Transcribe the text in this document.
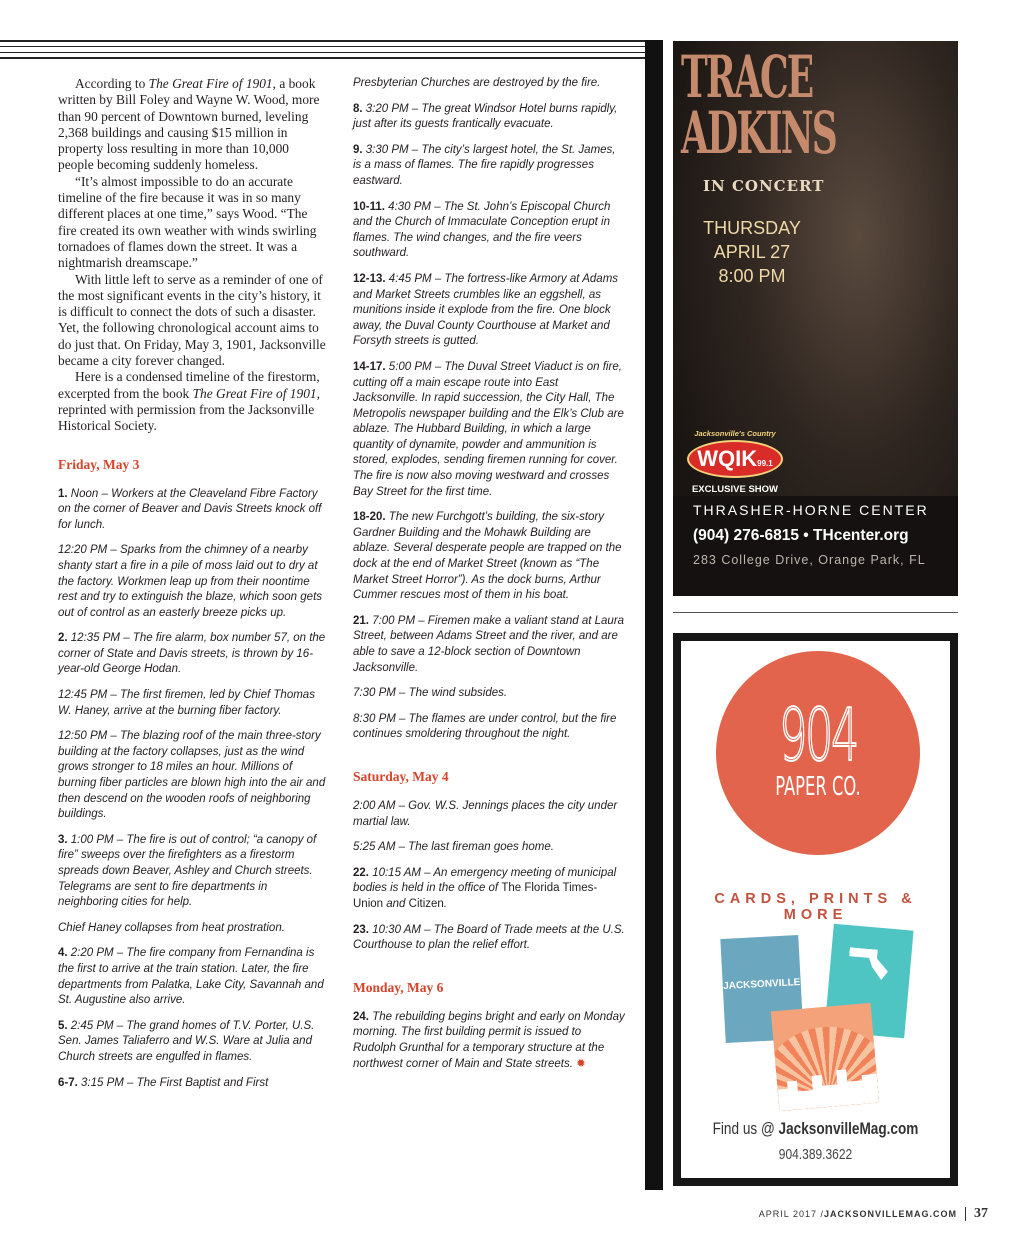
According to The Great Fire of 1901, a book written by Bill Foley and Wayne W. Wood, more than 90 percent of Downtown burned, leveling 2,368 buildings and causing $15 million in property loss resulting in more than 10,000 people becoming suddenly homeless.

“It’s almost impossible to do an accurate timeline of the fire because it was in so many different places at one time,” says Wood. “The fire created its own weather with winds swirling tornadoes of flames down the street. It was a nightmarish dreamscape.”

With little left to serve as a reminder of one of the most significant events in the city’s history, it is difficult to connect the dots of such a disaster. Yet, the following chronological account aims to do just that. On Friday, May 3, 1901, Jacksonville became a city forever changed.

Here is a condensed timeline of the firestorm, excerpted from the book The Great Fire of 1901, reprinted with permission from the Jacksonville Historical Society.

Friday, May 3

1. Noon – Workers at the Cleaveland Fibre Factory on the corner of Beaver and Davis Streets knock off for lunch.

12:20 PM – Sparks from the chimney of a nearby shanty start a fire in a pile of moss laid out to dry at the factory. Workmen leap up from their noontime rest and try to extinguish the blaze, which soon gets out of control as an easterly breeze picks up.

2. 12:35 PM – The fire alarm, box number 57, on the corner of State and Davis streets, is thrown by 16-year-old George Hodan.

12:45 PM – The first firemen, led by Chief Thomas W. Haney, arrive at the burning fiber factory.

12:50 PM – The blazing roof of the main three-story building at the factory collapses, just as the wind grows stronger to 18 miles an hour. Millions of burning fiber particles are blown high into the air and then descend on the wooden roofs of neighboring buildings.

3. 1:00 PM – The fire is out of control; “a canopy of fire” sweeps over the firefighters as a firestorm spreads down Beaver, Ashley and Church streets. Telegrams are sent to fire departments in neighboring cities for help.

Chief Haney collapses from heat prostration.

4. 2:20 PM – The fire company from Fernandina is the first to arrive at the train station. Later, the fire departments from Palatka, Lake City, Savannah and St. Augustine also arrive.

5. 2:45 PM – The grand homes of T.V. Porter, U.S. Sen. James Taliaferro and W.S. Ware at Julia and Church streets are engulfed in flames.

6-7. 3:15 PM – The First Baptist and First

Presbyterian Churches are destroyed by the fire.

8. 3:20 PM – The great Windsor Hotel burns rapidly, just after its guests frantically evacuate.

9. 3:30 PM – The city’s largest hotel, the St. James, is a mass of flames. The fire rapidly progresses eastward.

10-11. 4:30 PM – The St. John’s Episcopal Church and the Church of Immaculate Conception erupt in flames. The wind changes, and the fire veers southward.

12-13. 4:45 PM – The fortress-like Armory at Adams and Market Streets crumbles like an eggshell, as munitions inside it explode from the fire. One block away, the Duval County Courthouse at Market and Forsyth streets is gutted.

14-17. 5:00 PM – The Duval Street Viaduct is on fire, cutting off a main escape route into East Jacksonville. In rapid succession, the City Hall, The Metropolis newspaper building and the Elk’s Club are ablaze. The Hubbard Building, in which a large quantity of dynamite, powder and ammunition is stored, explodes, sending firemen running for cover. The fire is now also moving westward and crosses Bay Street for the first time.

18-20. The new Furchgott’s building, the six-story Gardner Building and the Mohawk Building are ablaze. Several desperate people are trapped on the dock at the end of Market Street (known as “The Market Street Horror”). As the dock burns, Arthur Cummer rescues most of them in his boat.

21. 7:00 PM – Firemen make a valiant stand at Laura Street, between Adams Street and the river, and are able to save a 12-block section of Downtown Jacksonville.

7:30 PM – The wind subsides.

8:30 PM – The flames are under control, but the fire continues smoldering throughout the night.

Saturday, May 4

2:00 AM – Gov. W.S. Jennings places the city under martial law.

5:25 AM – The last fireman goes home.

22. 10:15 AM – An emergency meeting of municipal bodies is held in the office of The Florida Times-Union and Citizen.

23. 10:30 AM – The Board of Trade meets at the U.S. Courthouse to plan the relief effort.

Monday, May 6

24. The rebuilding begins bright and early on Monday morning. The first building permit is issued to Rudolph Grunthal for a temporary structure at the northwest corner of Main and State streets. ✹

TRACE
ADKINS
IN CONCERT
THURSDAY
APRIL 27
8:00 PM
Jacksonville's Country
WQIK99.1
EXCLUSIVE SHOW
THRASHER-HORNE CENTER
(904) 276-6815 • THcenter.org
283 College Drive, Orange Park, FL
904
PAPER CO.
CARDS, PRINTS & MORE
JACKSONVILLE
Find us @ JacksonvilleMag.com
904.389.3622
APRIL 2017 / JACKSONVILLEMAG.COM 37
